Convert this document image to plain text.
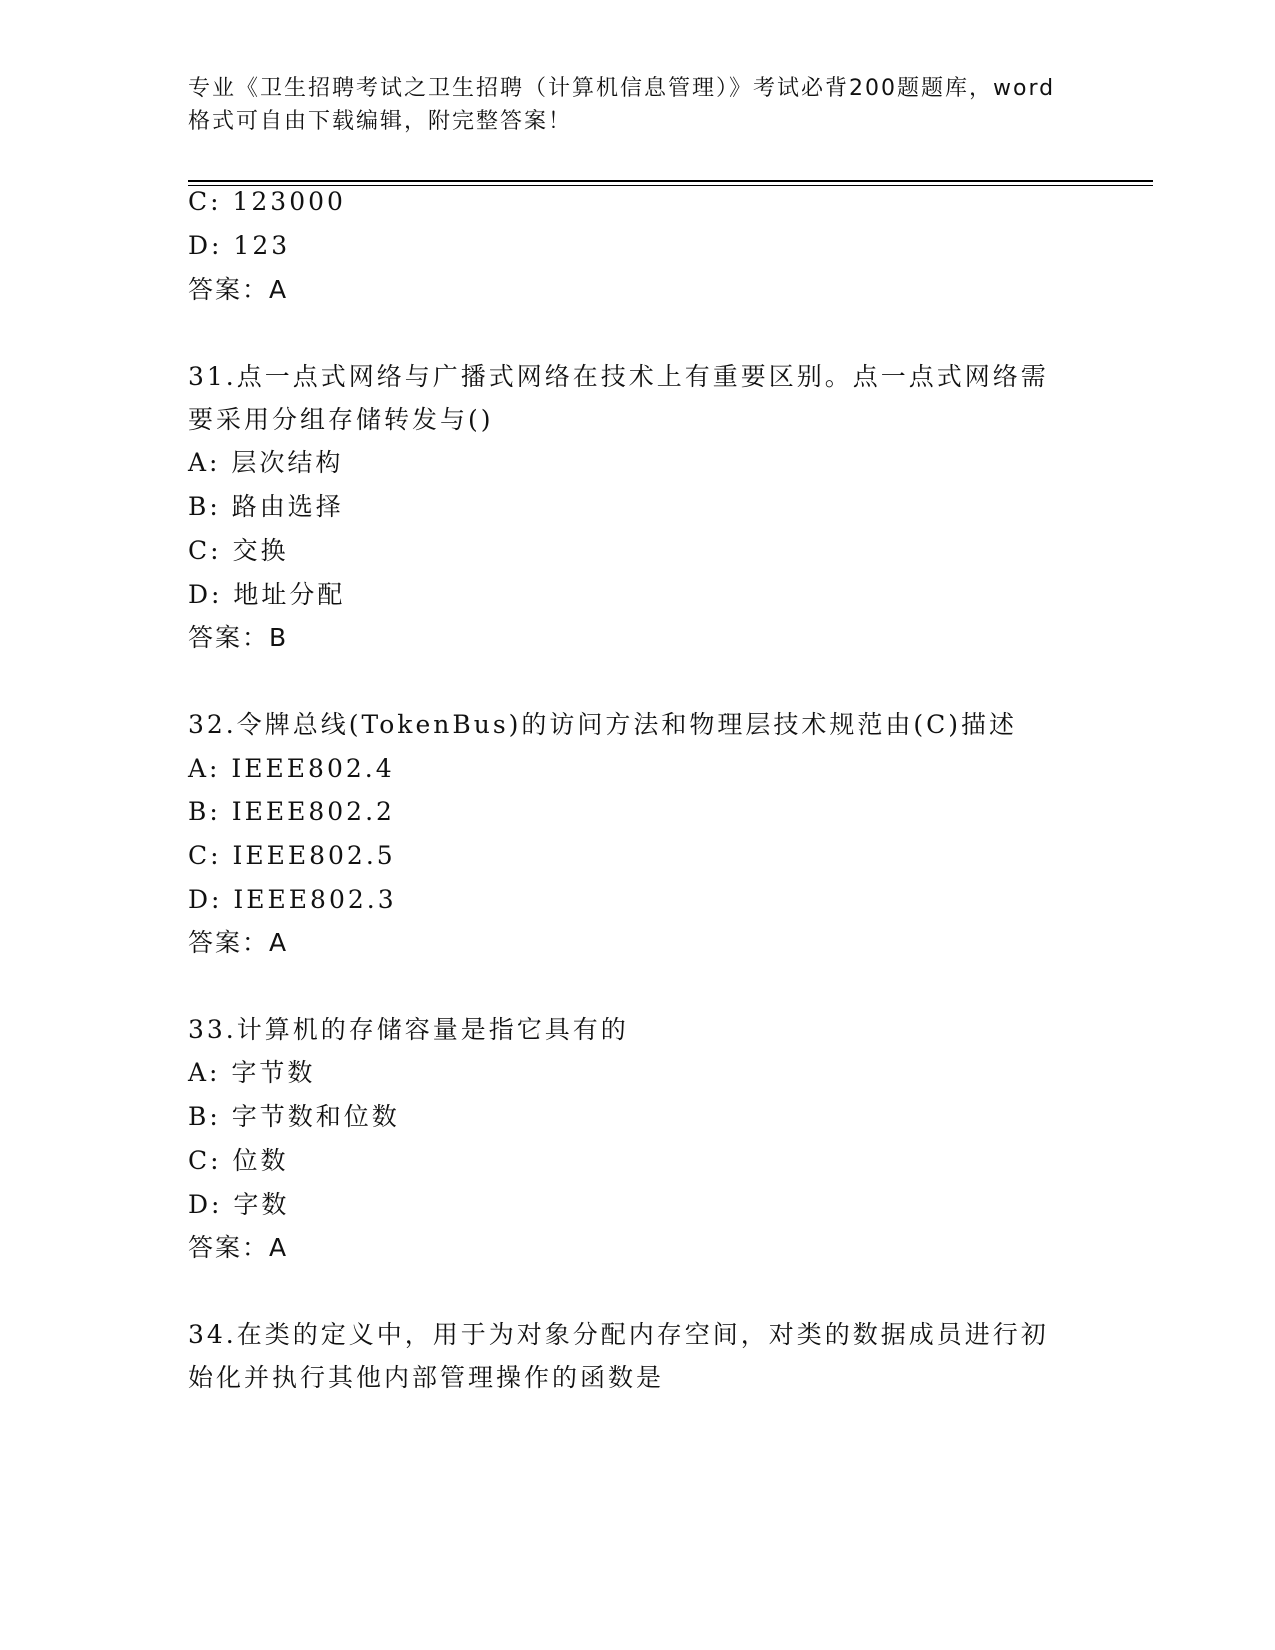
专业《卫生招聘考试之卫生招聘（计算机信息管理）》考试必背200题题库，word
格式可自由下载编辑，附完整答案！
C: 123000
D: 123
答案：A
31.点一点式网络与广播式网络在技术上有重要区别。点一点式网络需
要采用分组存储转发与()
A: 层次结构
B: 路由选择
C: 交换
D: 地址分配
答案：B
32.令牌总线(TokenBus)的访问方法和物理层技术规范由(C)描述
A: IEEE802.4
B: IEEE802.2
C: IEEE802.5
D: IEEE802.3
答案：A
33.计算机的存储容量是指它具有的
A: 字节数
B: 字节数和位数
C: 位数
D: 字数
答案：A
34.在类的定义中，用于为对象分配内存空间，对类的数据成员进行初
始化并执行其他内部管理操作的函数是
